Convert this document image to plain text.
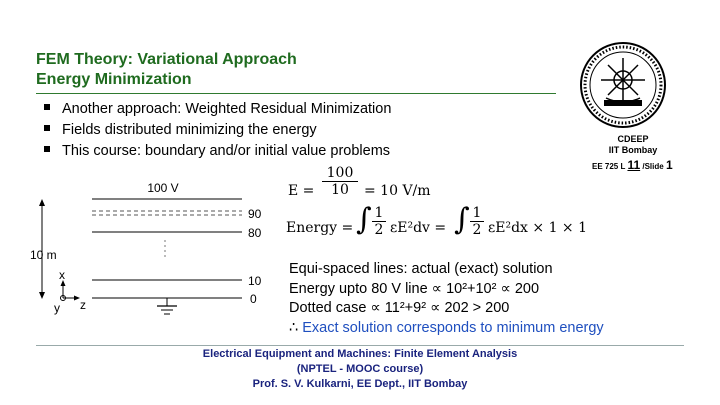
FEM Theory: Variational Approach
Energy Minimization
Another approach: Weighted Residual Minimization
Fields distributed minimizing the energy
This course: boundary and/or initial value problems
CDEEP
IIT Bombay
EE 725 L 11 /Slide 1
100 V
90
80
10
0
10 m
x
y z
$E = \frac{100}{10} = 10$ V/m
Energy = ∫ $\frac{1}{2} \varepsilon E^2dv$ = ∫ $\frac{1}{2} \varepsilon E^2dx \times 1 \times 1$
Equi-spaced lines: actual (exact) solution
Energy upto 80 V line ∝ 10²+10² ∝ 200
Dotted case ∝ 11²+9² ∝ 202 > 200
∴ Exact solution corresponds to minimum energy
Electrical Equipment and Machines: Finite Element Analysis
(NPTEL - MOOC course)
Prof. S. V. Kulkarni, EE Dept., IIT Bombay
